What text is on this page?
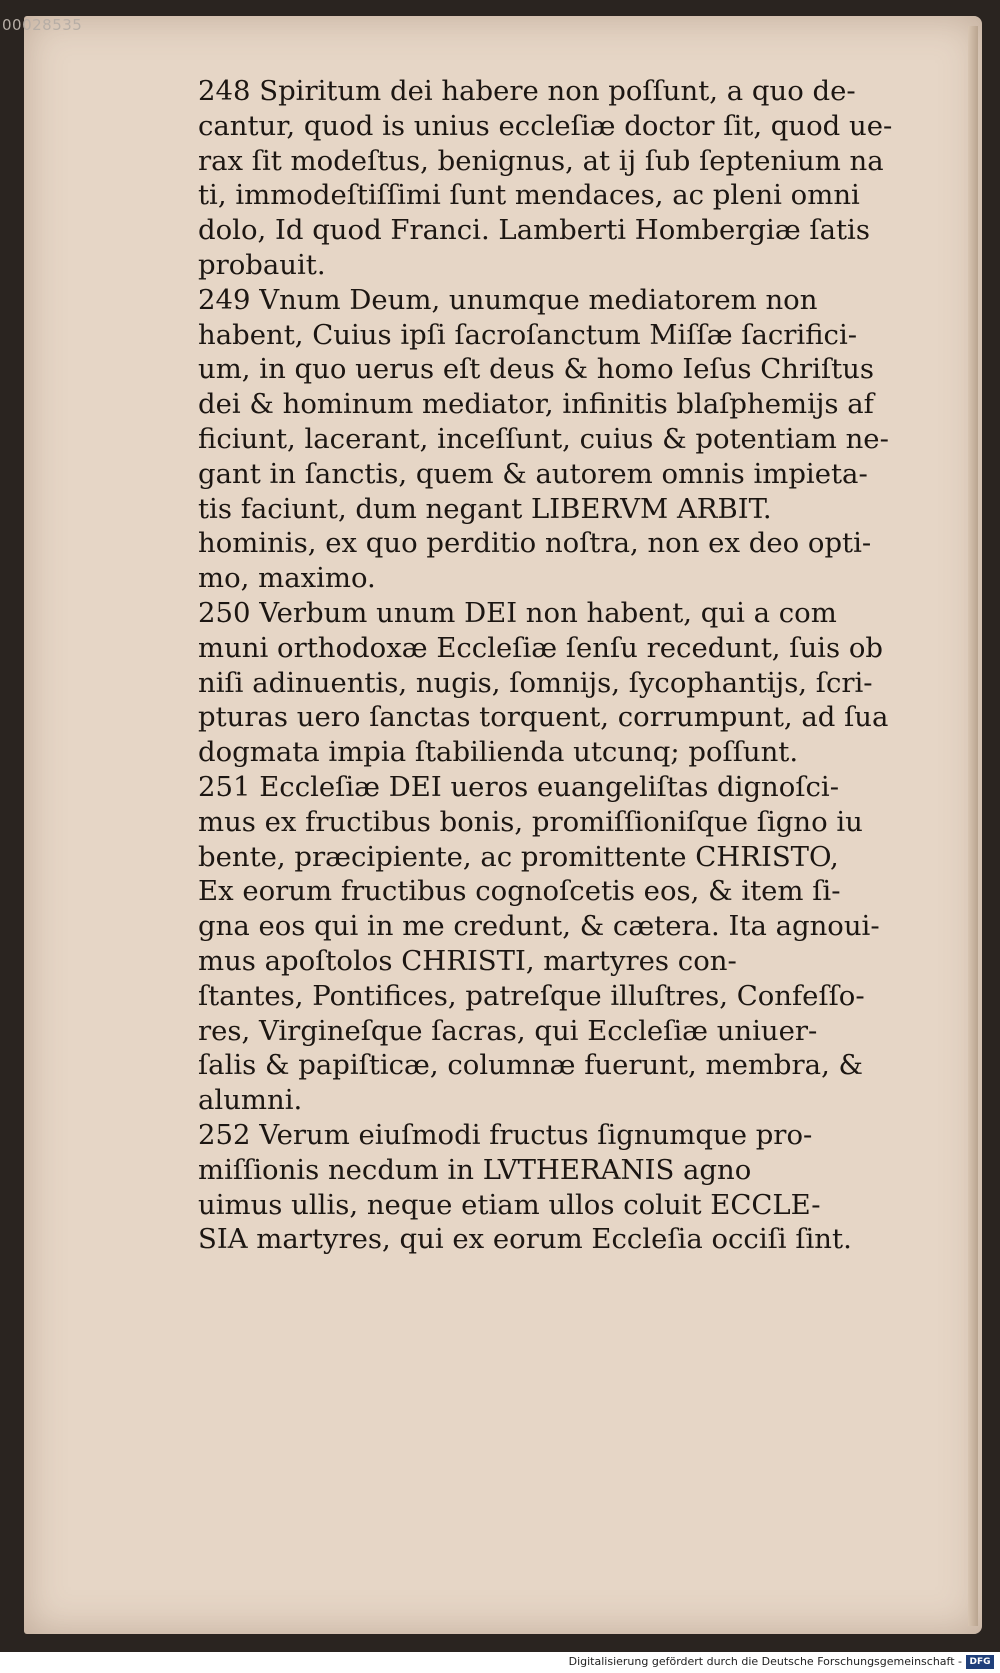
00028535
248 Spiritum dei habere non poſſunt, a quo de-
cantur, quod is unius eccleſiæ doctor ſit, quod ue-
rax ſit modeſtus, benignus, at ij ſub ſeptenium na
ti, immodeſtiſſimi ſunt mendaces, ac pleni omni
dolo, Id quod Franci. Lamberti Hombergiæ ſatis
probauit.
249 Vnum Deum, unumque mediatorem non
habent, Cuius ipſi ſacroſanctum Miſſæ ſacrifici-
um, in quo uerus eſt deus & homo Ieſus Chriſtus
dei & hominum mediator, infinitis blaſphemijs af
ficiunt, lacerant, inceſſunt, cuius & potentiam ne-
gant in ſanctis, quem & autorem omnis impieta-
tis faciunt, dum negant LIBERVM ARBIT.
hominis, ex quo perditio noſtra, non ex deo opti-
mo, maximo.
250 Verbum unum DEI non habent, qui a com
muni orthodoxæ Eccleſiæ ſenſu recedunt, ſuis ob
niſi adinuentis, nugis, ſomnijs, ſycophantijs, ſcri-
pturas uero ſanctas torquent, corrumpunt, ad ſua
dogmata impia ſtabilienda utcunq; poſſunt.
251 Eccleſiæ DEI ueros euangeliſtas dignoſci-
mus ex fructibus bonis, promiſſioniſque ſigno iu
bente, præcipiente, ac promittente CHRISTO,
Ex eorum fructibus cognoſcetis eos, & item ſi-
gna eos qui in me credunt, & cætera. Ita agnoui-
mus apoſtolos CHRISTI, martyres con-
ſtantes, Pontifices, patreſque illuſtres, Confeſſo-
res, Virgineſque ſacras, qui Eccleſiæ uniuer-
ſalis & papiſticæ, columnæ fuerunt, membra, &
alumni.
252 Verum eiuſmodi fructus ſignumque pro-
miſſionis necdum in LVTHERANIS agno
uimus ullis, neque etiam ullos coluit ECCLE-
SIA martyres, qui ex eorum Eccleſia occiſi ſint.
Digitalisierung gefördert durch die Deutsche Forschungsgemeinschaft - DFG
